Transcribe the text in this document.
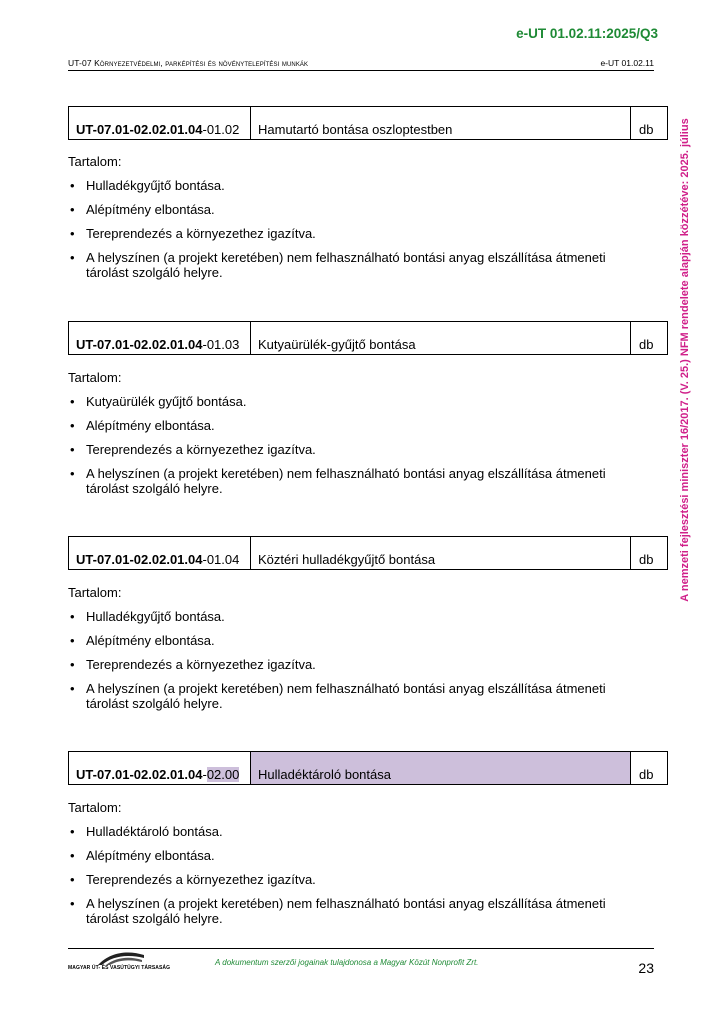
e-UT 01.02.11:2025/Q3
UT-07 Környezetvédelmi, parképítési és növénytelepítési munkák	e-UT 01.02.11
A nemzeti fejlesztési miniszter 16/2017. (V. 25.) NFM rendelete alapján közzétéve: 2025. július
UT-07.01-02.02.01.04-01.02	Hamutartó bontása oszloptestben	db

Tartalom:

• Hulladékgyűjtő bontása.
• Alépítmény elbontása.
• Tereprendezés a környezethez igazítva.
• A helyszínen (a projekt keretében) nem felhasználható bontási anyag elszállítása átmeneti tárolást szolgáló helyre.
UT-07.01-02.02.01.04-01.03	Kutyaürülék-gyűjtő bontása	db

Tartalom:

• Kutyaürülék gyűjtő bontása.
• Alépítmény elbontása.
• Tereprendezés a környezethez igazítva.
• A helyszínen (a projekt keretében) nem felhasználható bontási anyag elszállítása átmeneti tárolást szolgáló helyre.
UT-07.01-02.02.01.04-01.04	Köztéri hulladékgyűjtő bontása	db

Tartalom:

• Hulladékgyűjtő bontása.
• Alépítmény elbontása.
• Tereprendezés a környezethez igazítva.
• A helyszínen (a projekt keretében) nem felhasználható bontási anyag elszállítása átmeneti tárolást szolgáló helyre.
UT-07.01-02.02.01.04-02.00	Hulladéktároló bontása	db

Tartalom:

• Hulladéktároló bontása.
• Alépítmény elbontása.
• Tereprendezés a környezethez igazítva.
• A helyszínen (a projekt keretében) nem felhasználható bontási anyag elszállítása átmeneti tárolást szolgáló helyre.
MAGYAR ÚT- ÉS VASÚTÜGYI TÁRSASÁG
A dokumentum szerzői jogainak tulajdonosa a Magyar Közút Nonprofit Zrt.	23
